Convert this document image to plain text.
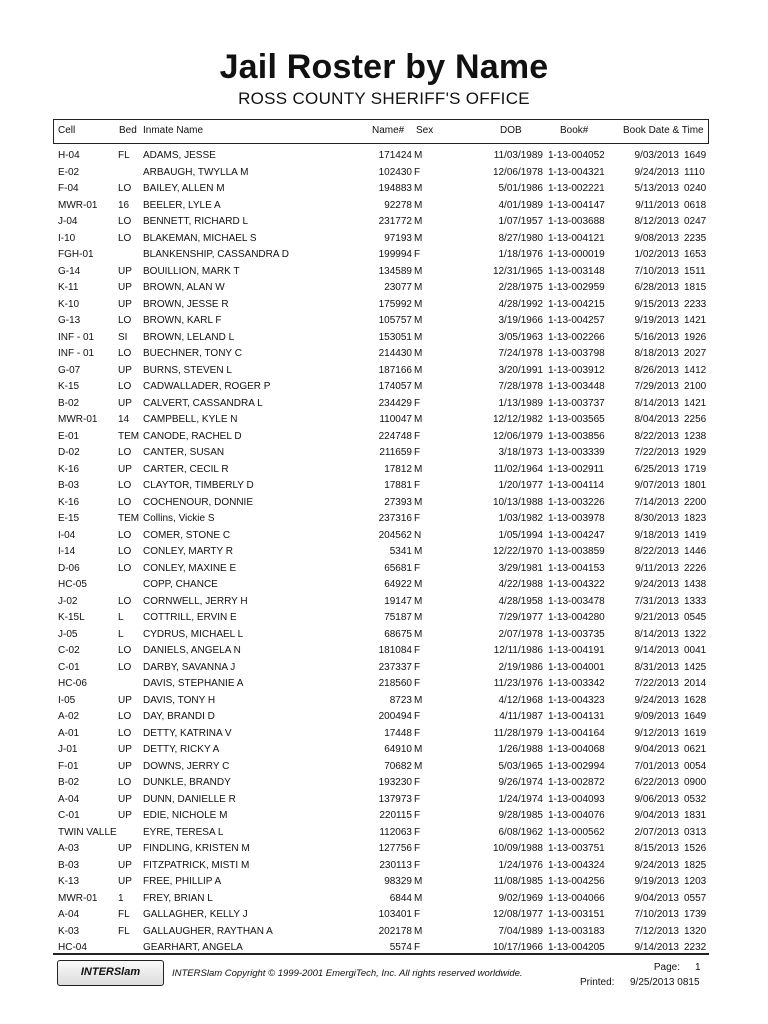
Jail Roster by Name
ROSS COUNTY SHERIFF'S OFFICE
Cell	Bed Inmate Name	Name# Sex	DOB	Book#	Book Date & Time
H-04	FL ADAMS, JESSE	171424 M	11/03/1989 1-13-004052	9/03/2013 1649
E-02	ARBAUGH, TWYLLA M	102430 F	12/06/1978 1-13-004321	9/24/2013 1110
F-04	LO BAILEY, ALLEN M	194883 M	5/01/1986 1-13-002221	5/13/2013 0240
MWR-01 16 BEELER, LYLE A	92278 M	4/01/1989 1-13-004147	9/11/2013 0618
J-04	LO BENNETT, RICHARD L	231772 M	1/07/1957 1-13-003688	8/12/2013 0247
I-10	LO BLAKEMAN, MICHAEL S	97193 M	8/27/1980 1-13-004121	9/08/2013 2235
FGH-01	BLANKENSHIP, CASSANDRA D	199994 F	1/18/1976 1-13-000019	1/02/2013 1653
G-14	UP BOUILLION, MARK T	134589 M	12/31/1965 1-13-003148	7/10/2013 1511
K-11	UP BROWN, ALAN W	23077 M	2/28/1975 1-13-002959	6/28/2013 1815
K-10	UP BROWN, JESSE R	175992 M	4/28/1992 1-13-004215	9/15/2013 2233
G-13	LO BROWN, KARL F	105757 M	3/19/1966 1-13-004257	9/19/2013 1421
INF - 01 SI BROWN, LELAND L	153051 M	3/05/1963 1-13-002266	5/16/2013 1926
INF - 01 LO BUECHNER, TONY C	214430 M	7/24/1978 1-13-003798	8/18/2013 2027
G-07	UP BURNS, STEVEN L	187166 M	3/20/1991 1-13-003912	8/26/2013 1412
K-15	LO CADWALLADER, ROGER P	174057 M	7/28/1978 1-13-003448	7/29/2013 2100
B-02	UP CALVERT, CASSANDRA L	234429 F	1/13/1989 1-13-003737	8/14/2013 1421
MWR-01 14 CAMPBELL, KYLE N	110047 M	12/12/1982 1-13-003565	8/04/2013 2256
E-01	TEM CANODE, RACHEL D	224748 F	12/06/1979 1-13-003856	8/22/2013 1238
D-02	LO CANTER, SUSAN	211659 F	3/18/1973 1-13-003339	7/22/2013 1929
K-16	UP CARTER, CECIL R	17812 M	11/02/1964 1-13-002911	6/25/2013 1719
B-03	LO CLAYTOR, TIMBERLY D	17881 F	1/20/1977 1-13-004114	9/07/2013 1801
K-16	LO COCHENOUR, DONNIE	27393 M	10/13/1988 1-13-003226	7/14/2013 2200
E-15	TEM Collins, Vickie S	237316 F	1/03/1982 1-13-003978	8/30/2013 1823
I-04	LO COMER, STONE C	204562 N	1/05/1994 1-13-004247	9/18/2013 1419
I-14	LO CONLEY, MARTY R	5341 M	12/22/1970 1-13-003859	8/22/2013 1446
D-06	LO CONLEY, MAXINE E	65681 F	3/29/1981 1-13-004153	9/11/2013 2226
HC-05	COPP, CHANCE	64922 M	4/22/1988 1-13-004322	9/24/2013 1438
J-02	LO CORNWELL, JERRY H	19147 M	4/28/1958 1-13-003478	7/31/2013 1333
K-15L	L COTTRILL, ERVIN E	75187 M	7/29/1977 1-13-004280	9/21/2013 0545
J-05	L CYDRUS, MICHAEL L	68675 M	2/07/1978 1-13-003735	8/14/2013 1322
C-02	LO DANIELS, ANGELA N	181084 F	12/11/1986 1-13-004191	9/14/2013 0041
C-01	LO DARBY, SAVANNA J	237337 F	2/19/1986 1-13-004001	8/31/2013 1425
HC-06	DAVIS, STEPHANIE A	218560 F	11/23/1976 1-13-003342	7/22/2013 2014
I-05	UP DAVIS, TONY H	8723 M	4/12/1968 1-13-004323	9/24/2013 1628
A-02	LO DAY, BRANDI D	200494 F	4/11/1987 1-13-004131	9/09/2013 1649
A-01	LO DETTY, KATRINA V	17448 F	11/28/1979 1-13-004164	9/12/2013 1619
J-01	UP DETTY, RICKY A	64910 M	1/26/1988 1-13-004068	9/04/2013 0621
F-01	UP DOWNS, JERRY C	70682 M	5/03/1965 1-13-002994	7/01/2013 0054
B-02	LO DUNKLE, BRANDY	193230 F	9/26/1974 1-13-002872	6/22/2013 0900
A-04	UP DUNN, DANIELLE R	137973 F	1/24/1974 1-13-004093	9/06/2013 0532
C-01	UP EDIE, NICHOLE M	220115 F	9/28/1985 1-13-004076	9/04/2013 1831
TWIN VALLE	EYRE, TERESA L	112063 F	6/08/1962 1-13-000562	2/07/2013 0313
A-03	UP FINDLING, KRISTEN M	127756 F	10/09/1988 1-13-003751	8/15/2013 1526
B-03	UP FITZPATRICK, MISTI M	230113 F	1/24/1976 1-13-004324	9/24/2013 1825
K-13	UP FREE, PHILLIP A	98329 M	11/08/1985 1-13-004256	9/19/2013 1203
MWR-01 1 FREY, BRIAN L	6844 M	9/02/1969 1-13-004066	9/04/2013 0557
A-04	FL GALLAGHER, KELLY J	103401 F	12/08/1977 1-13-003151	7/10/2013 1739
K-03	FL GALLAUGHER, RAYTHAN A	202178 M	7/04/1989 1-13-003183	7/12/2013 1320
HC-04	GEARHART, ANGELA	5574 F	10/17/1966 1-13-004205	9/14/2013 2232
INTERSlam	INTERSlam Copyright © 1999-2001 EmergiTech, Inc. All rights reserved worldwide.
Page: 1
Printed: 9/25/2013 0815
